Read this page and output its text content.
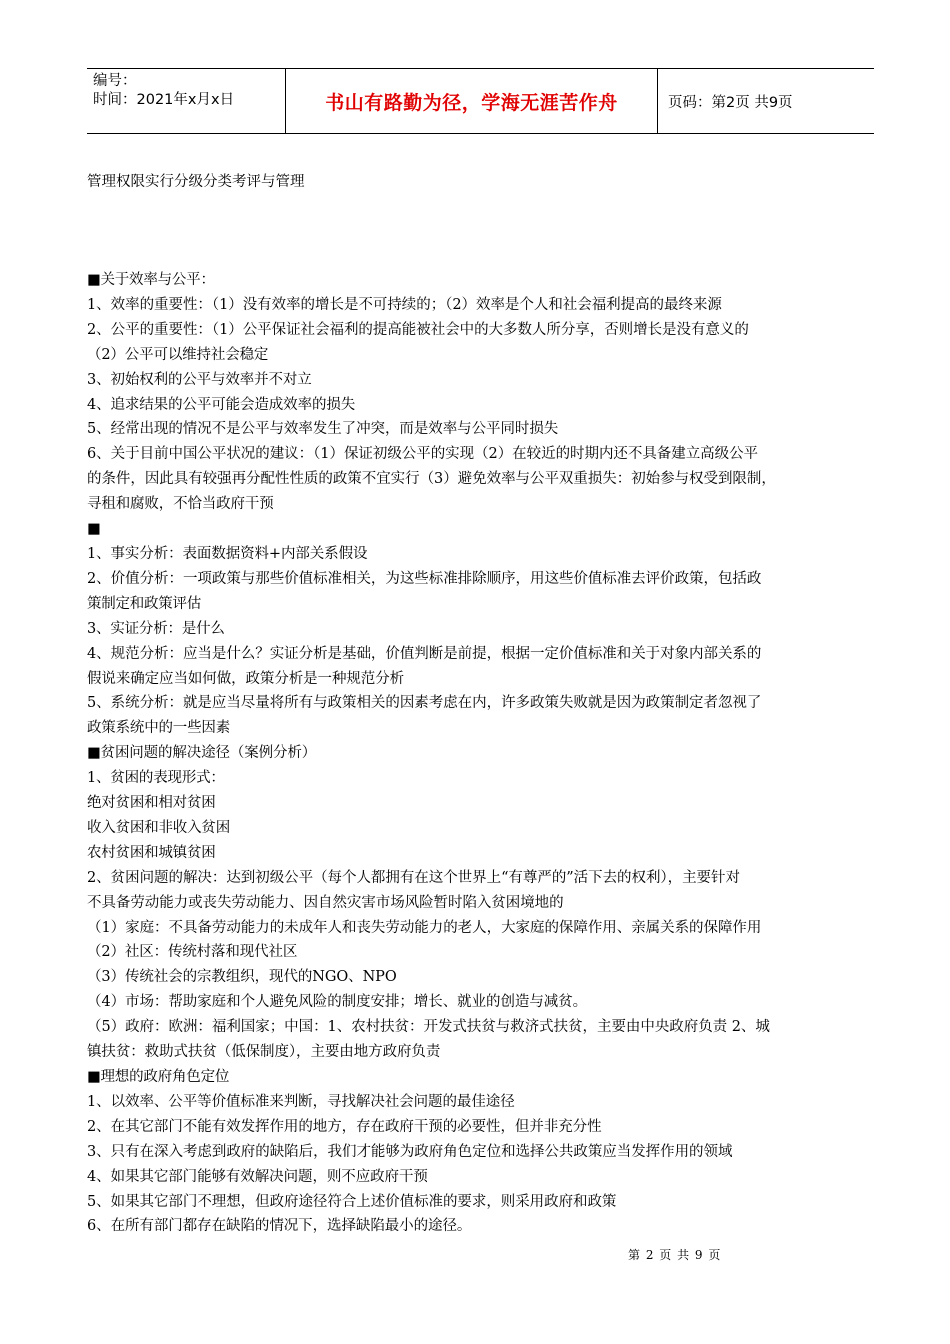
编号：
时间：2021年x月x日	书山有路勤为径，学海无涯苦作舟	页码：第2页 共9页
管理权限实行分级分类考评与管理
■关于效率与公平：
1、效率的重要性：（1）没有效率的增长是不可持续的；（2）效率是个人和社会福利提高的最终来源
2、公平的重要性：（1）公平保证社会福利的提高能被社会中的大多数人所分享，否则增长是没有意义的
（2）公平可以维持社会稳定
3、初始权利的公平与效率并不对立
4、追求结果的公平可能会造成效率的损失
5、经常出现的情况不是公平与效率发生了冲突，而是效率与公平同时损失
6、关于目前中国公平状况的建议：（1）保证初级公平的实现（2）在较近的时期内还不具备建立高级公平
的条件，因此具有较强再分配性性质的政策不宜实行（3）避免效率与公平双重损失：初始参与权受到限制，
寻租和腐败，不恰当政府干预
■
1、事实分析：表面数据资料+内部关系假设
2、价值分析：一项政策与那些价值标准相关，为这些标准排除顺序，用这些价值标准去评价政策，包括政
策制定和政策评估
3、实证分析：是什么
4、规范分析：应当是什么？实证分析是基础，价值判断是前提，根据一定价值标准和关于对象内部关系的
假说来确定应当如何做，政策分析是一种规范分析
5、系统分析：就是应当尽量将所有与政策相关的因素考虑在内，许多政策失败就是因为政策制定者忽视了
政策系统中的一些因素
■贫困问题的解决途径（案例分析）
1、贫困的表现形式：
绝对贫困和相对贫困
收入贫困和非收入贫困
农村贫困和城镇贫困
2、贫困问题的解决：达到初级公平（每个人都拥有在这个世界上“有尊严的”活下去的权利），主要针对
不具备劳动能力或丧失劳动能力、因自然灾害市场风险暂时陷入贫困境地的
（1）家庭：不具备劳动能力的未成年人和丧失劳动能力的老人，大家庭的保障作用、亲属关系的保障作用
（2）社区：传统村落和现代社区
（3）传统社会的宗教组织，现代的NGO、NPO
（4）市场：帮助家庭和个人避免风险的制度安排；增长、就业的创造与减贫。
（5）政府：欧洲：福利国家；中国：1、农村扶贫：开发式扶贫与救济式扶贫，主要由中央政府负责 2、城
镇扶贫：救助式扶贫（低保制度），主要由地方政府负责
■理想的政府角色定位
1、以效率、公平等价值标准来判断，寻找解决社会问题的最佳途径
2、在其它部门不能有效发挥作用的地方，存在政府干预的必要性，但并非充分性
3、只有在深入考虑到政府的缺陷后，我们才能够为政府角色定位和选择公共政策应当发挥作用的领域
4、如果其它部门能够有效解决问题，则不应政府干预
5、如果其它部门不理想，但政府途径符合上述价值标准的要求，则采用政府和政策
6、在所有部门都存在缺陷的情况下，选择缺陷最小的途径。
第 2 页 共 9 页
